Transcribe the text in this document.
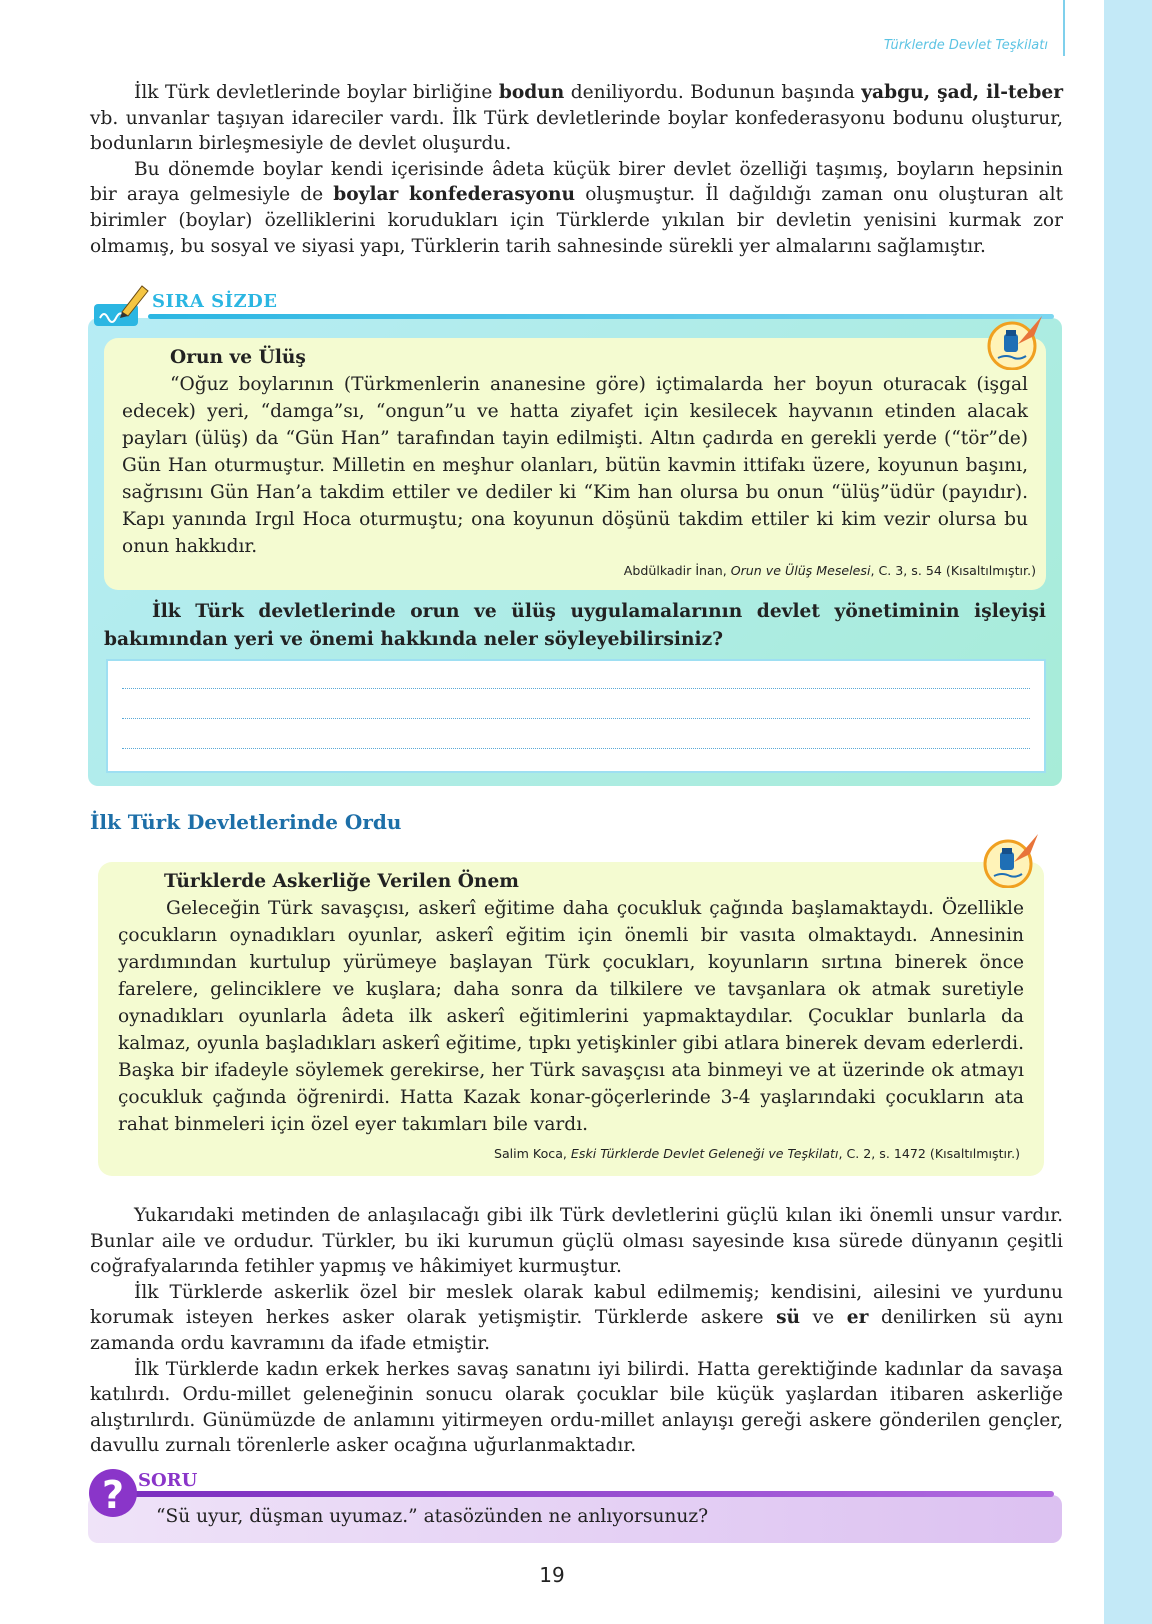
Türklerde Devlet Teşkilatı

İlk Türk devletlerinde boylar birliğine bodun deniliyordu. Bodunun başında yabgu, şad, il-teber vb. unvanlar taşıyan idareciler vardı. İlk Türk devletlerinde boylar konfederasyonu bodunu oluşturur, bodunların birleşmesiyle de devlet oluşurdu.

Bu dönemde boylar kendi içerisinde âdeta küçük birer devlet özelliği taşımış, boyların hepsinin bir araya gelmesiyle de boylar konfederasyonu oluşmuştur. İl dağıldığı zaman onu oluşturan alt birimler (boylar) özelliklerini korudukları için Türklerde yıkılan bir devletin yenisini kurmak zor olmamış, bu sosyal ve siyasi yapı, Türklerin tarih sahnesinde sürekli yer almalarını sağlamıştır.

SIRA SİZDE

Orun ve Ülüş

“Oğuz boylarının (Türkmenlerin ananesine göre) içtimalarda her boyun oturacak (işgal edecek) yeri, “damga”sı, “ongun”u ve hatta ziyafet için kesilecek hayvanın etinden alacak payları (ülüş) da “Gün Han” tarafından tayin edilmişti. Altın çadırda en gerekli yerde (“tör”de) Gün Han oturmuştur. Milletin en meşhur olanları, bütün kavmin ittifakı üzere, koyunun başını, sağrısını Gün Han’a takdim ettiler ve dediler ki “Kim han olursa bu onun “ülüş”üdür (payıdır). Kapı yanında Irgıl Hoca oturmuştu; ona koyunun döşünü takdim ettiler ki kim vezir olursa bu onun hakkıdır.

Abdülkadir İnan, Orun ve Ülüş Meselesi, C. 3, s. 54 (Kısaltılmıştır.)

İlk Türk devletlerinde orun ve ülüş uygulamalarının devlet yönetiminin işleyişi bakımından yeri ve önemi hakkında neler söyleyebilirsiniz?

İlk Türk Devletlerinde Ordu

Türklerde Askerliğe Verilen Önem

Geleceğin Türk savaşçısı, askerî eğitime daha çocukluk çağında başlamaktaydı. Özellikle çocukların oynadıkları oyunlar, askerî eğitim için önemli bir vasıta olmaktaydı. Annesinin yardımından kurtulup yürümeye başlayan Türk çocukları, koyunların sırtına binerek önce farelere, gelinciklere ve kuşlara; daha sonra da tilkilere ve tavşanlara ok atmak suretiyle oynadıkları oyunlarla âdeta ilk askerî eğitimlerini yapmaktaydılar. Çocuklar bunlarla da kalmaz, oyunla başladıkları askerî eğitime, tıpkı yetişkinler gibi atlara binerek devam ederlerdi. Başka bir ifadeyle söylemek gerekirse, her Türk savaşçısı ata binmeyi ve at üzerinde ok atmayı çocukluk çağında öğrenirdi. Hatta Kazak konar-göçerlerinde 3-4 yaşlarındaki çocukların ata rahat binmeleri için özel eyer takımları bile vardı.

Salim Koca, Eski Türklerde Devlet Geleneği ve Teşkilatı, C. 2, s. 1472 (Kısaltılmıştır.)

Yukarıdaki metinden de anlaşılacağı gibi ilk Türk devletlerini güçlü kılan iki önemli unsur vardır. Bunlar aile ve ordudur. Türkler, bu iki kurumun güçlü olması sayesinde kısa sürede dünyanın çeşitli coğrafyalarında fetihler yapmış ve hâkimiyet kurmuştur.

İlk Türklerde askerlik özel bir meslek olarak kabul edilmemiş; kendisini, ailesini ve yurdunu korumak isteyen herkes asker olarak yetişmiştir. Türklerde askere sü ve er denilirken sü aynı zamanda ordu kavramını da ifade etmiştir.

İlk Türklerde kadın erkek herkes savaş sanatını iyi bilirdi. Hatta gerektiğinde kadınlar da savaşa katılırdı. Ordu-millet geleneğinin sonucu olarak çocuklar bile küçük yaşlardan itibaren askerliğe alıştırılırdı. Günümüzde de anlamını yitirmeyen ordu-millet anlayışı gereği askere gönderilen gençler, davullu zurnalı törenlerle asker ocağına uğurlanmaktadır.

? SORU
“Sü uyur, düşman uyumaz.” atasözünden ne anlıyorsunuz?
19
